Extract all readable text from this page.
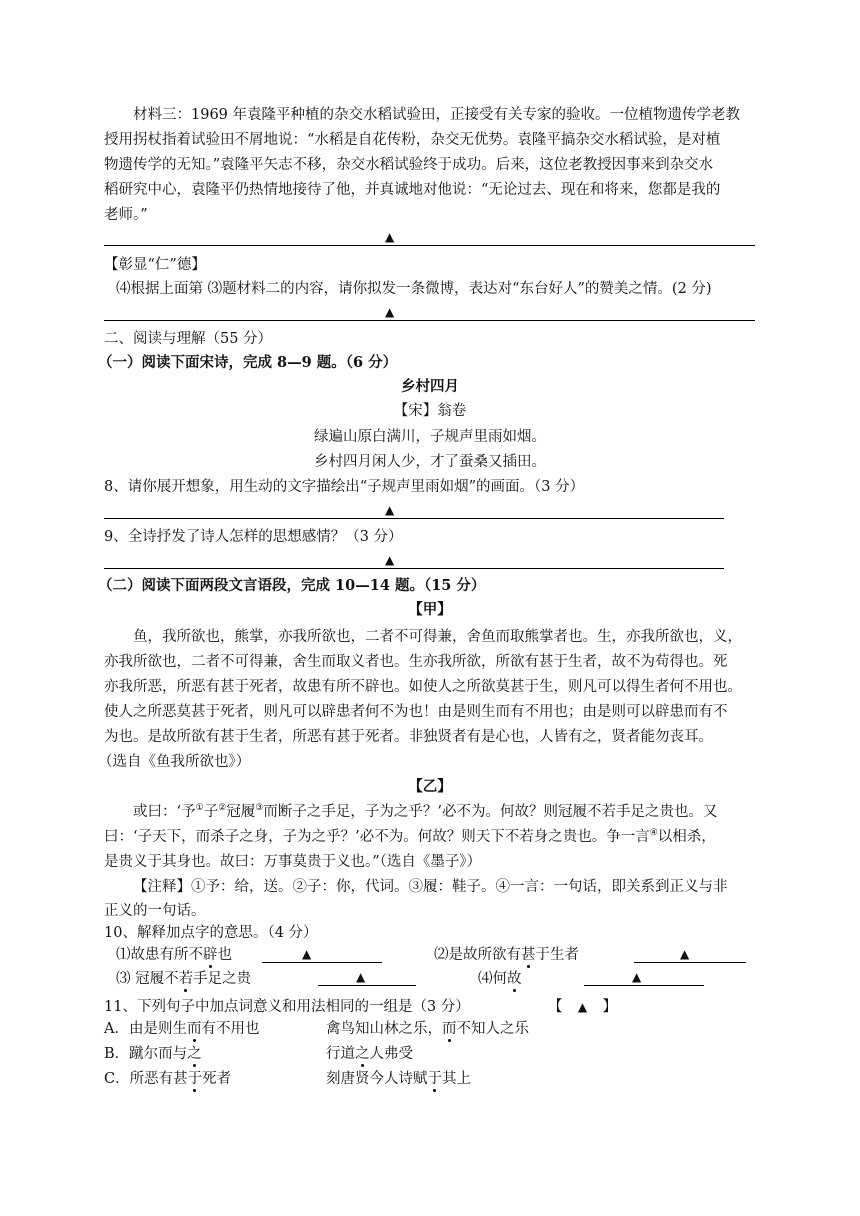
材料三：1969 年袁隆平种植的杂交水稻试验田，正接受有关专家的验收。一位植物遗传学老教
授用拐杖指着试验田不屑地说：“水稻是自花传粉，杂交无优势。袁隆平搞杂交水稻试验，是对植
物遗传学的无知。”袁隆平矢志不移，杂交水稻试验终于成功。后来，这位老教授因事来到杂交水
稻研究中心，袁隆平仍热情地接待了他，并真诚地对他说：“无论过去、现在和将来，您都是我的
老师。”
▲
【彰显“仁”德】
⑷根据上面第 ⑶题材料二的内容，请你拟发一条微博，表达对“东台好人”的赞美之情。(2 分)
▲
二、阅读与理解（55 分）
（一）阅读下面宋诗，完成 8—9 题。（6 分）
乡村四月
【宋】翁卷
绿遍山原白满川，子规声里雨如烟。
乡村四月闲人少，才了蚕桑又插田。
8、请你展开想象，用生动的文字描绘出“子规声里雨如烟”的画面。（3 分）
▲
9、全诗抒发了诗人怎样的思想感情？（3 分）
▲
（二）阅读下面两段文言语段，完成 10—14 题。（15 分）
【甲】
鱼，我所欲也，熊掌，亦我所欲也，二者不可得兼，舍鱼而取熊掌者也。生，亦我所欲也，义，
亦我所欲也，二者不可得兼，舍生而取义者也。生亦我所欲，所欲有甚于生者，故不为苟得也。死
亦我所恶，所恶有甚于死者，故患有所不辟也。如使人之所欲莫甚于生，则凡可以得生者何不用也。
使人之所恶莫甚于死者，则凡可以辟患者何不为也！由是则生而有不用也；由是则可以辟患而有不
为也。是故所欲有甚于生者，所恶有甚于死者。非独贤者有是心也，人皆有之，贤者能勿丧耳。
（选自《鱼我所欲也》）
【乙】
或曰：‘予①子②冠履③而断子之手足，子为之乎？’必不为。何故？则冠履不若手足之贵也。又
曰：‘子天下，而杀子之身，子为之乎？’必不为。何故？则天下不若身之贵也。争一言④以相杀，
是贵义于其身也。故曰：万事莫贵于义也。”（选自《墨子》）
【注释】①予：给，送。②子：你，代词。③履：鞋子。④一言：一句话，即关系到正义与非
正义的一句话。
10、解释加点字的意思。（4 分）
⑴故患有所不辟也	▲	⑵是故所欲有甚于生者	▲
⑶ 冠履不若手足之贵	▲	⑷何故	▲
11、下列句子中加点词意义和用法相同的一组是（3 分）	【 ▲ 】
A．由是则生而有不用也	禽鸟知山林之乐，而不知人之乐
B．蹴尔而与之	行道之人弗受
C．所恶有甚于死者	刻唐贤今人诗赋于其上
